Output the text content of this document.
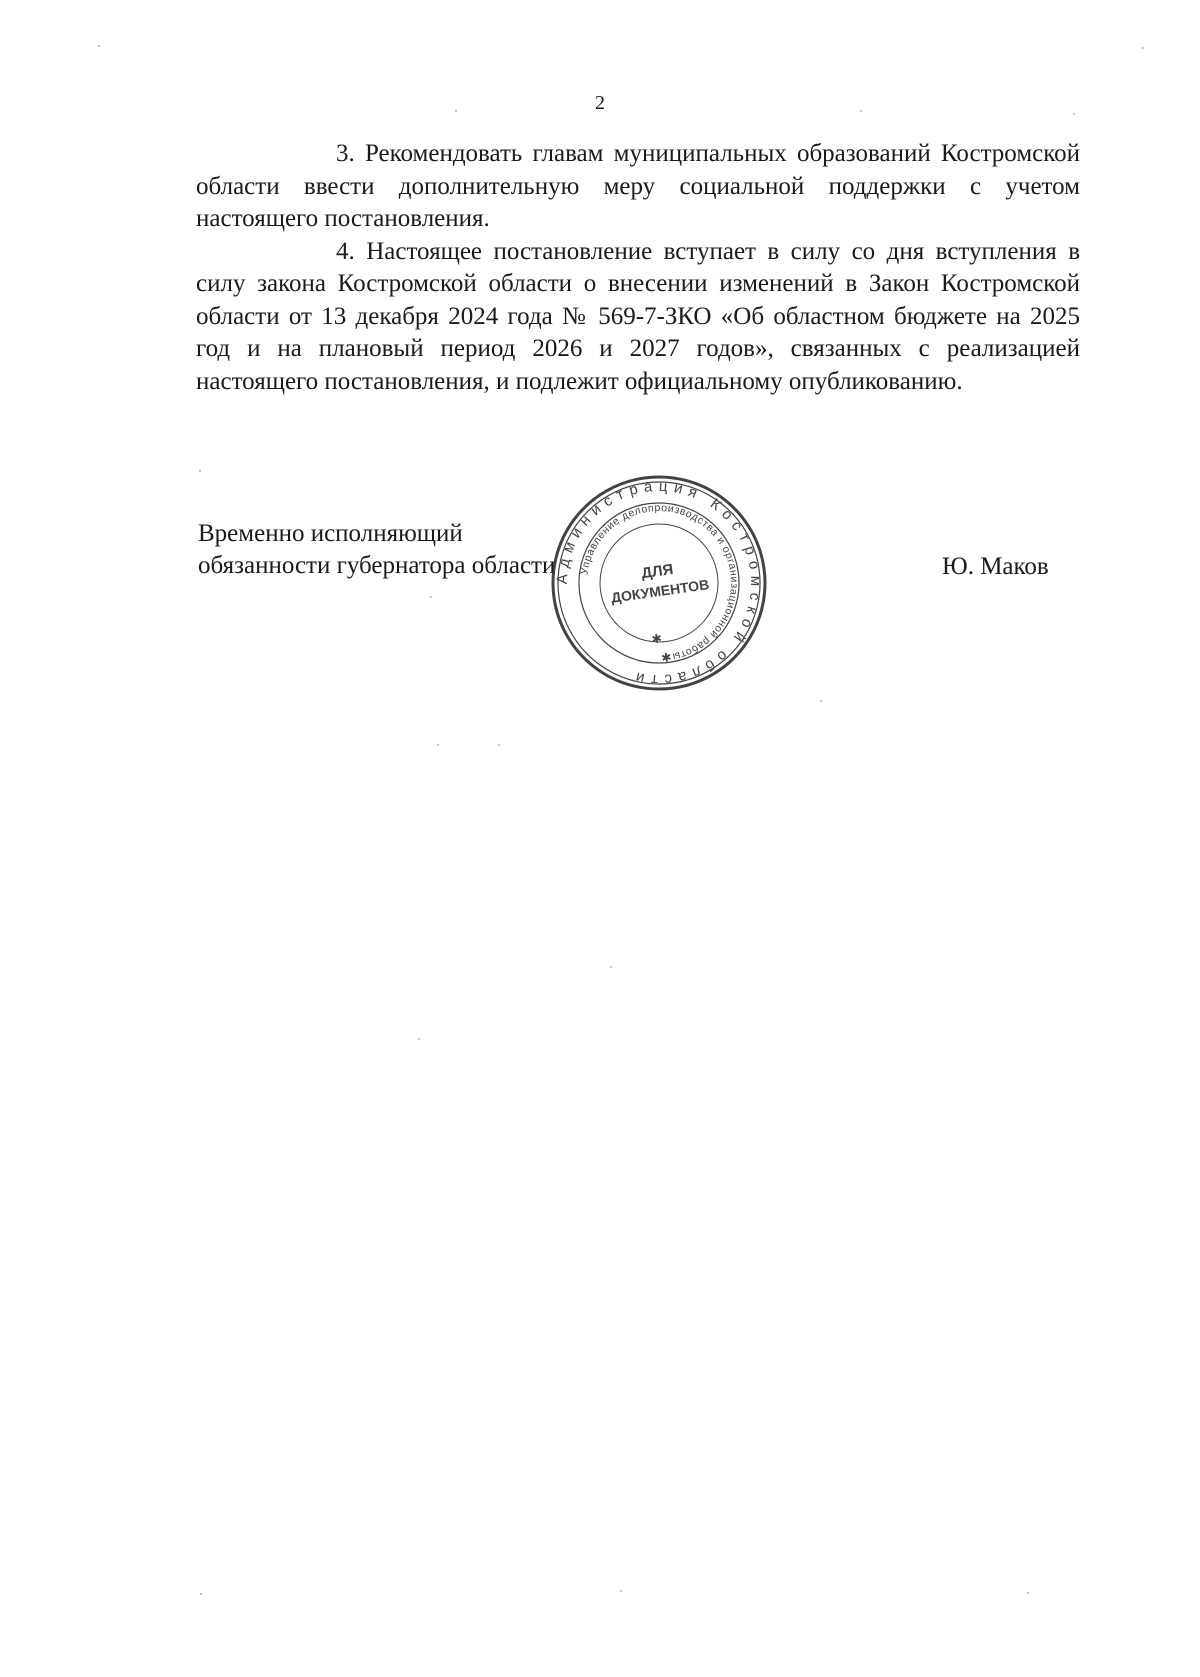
2

3. Рекомендовать главам муниципальных образований Костромской области ввести дополнительную меру социальной поддержки с учетом настоящего постановления.

4. Настоящее постановление вступает в силу со дня вступления в силу закона Костромской области о внесении изменений в Закон Костромской области от 13 декабря 2024 года № 569-7-ЗКО «Об областном бюджете на 2025 год и на плановый период 2026 и 2027 годов», связанных с реализацией настоящего постановления, и подлежит официальному опубликованию.

Временно исполняющий
обязанности губернатора области	Ю. Маков
Администрация Костромской области
Управление делопроизводства и организационной работы
ДЛЯ
ДОКУМЕНТОВ
✱
✱
